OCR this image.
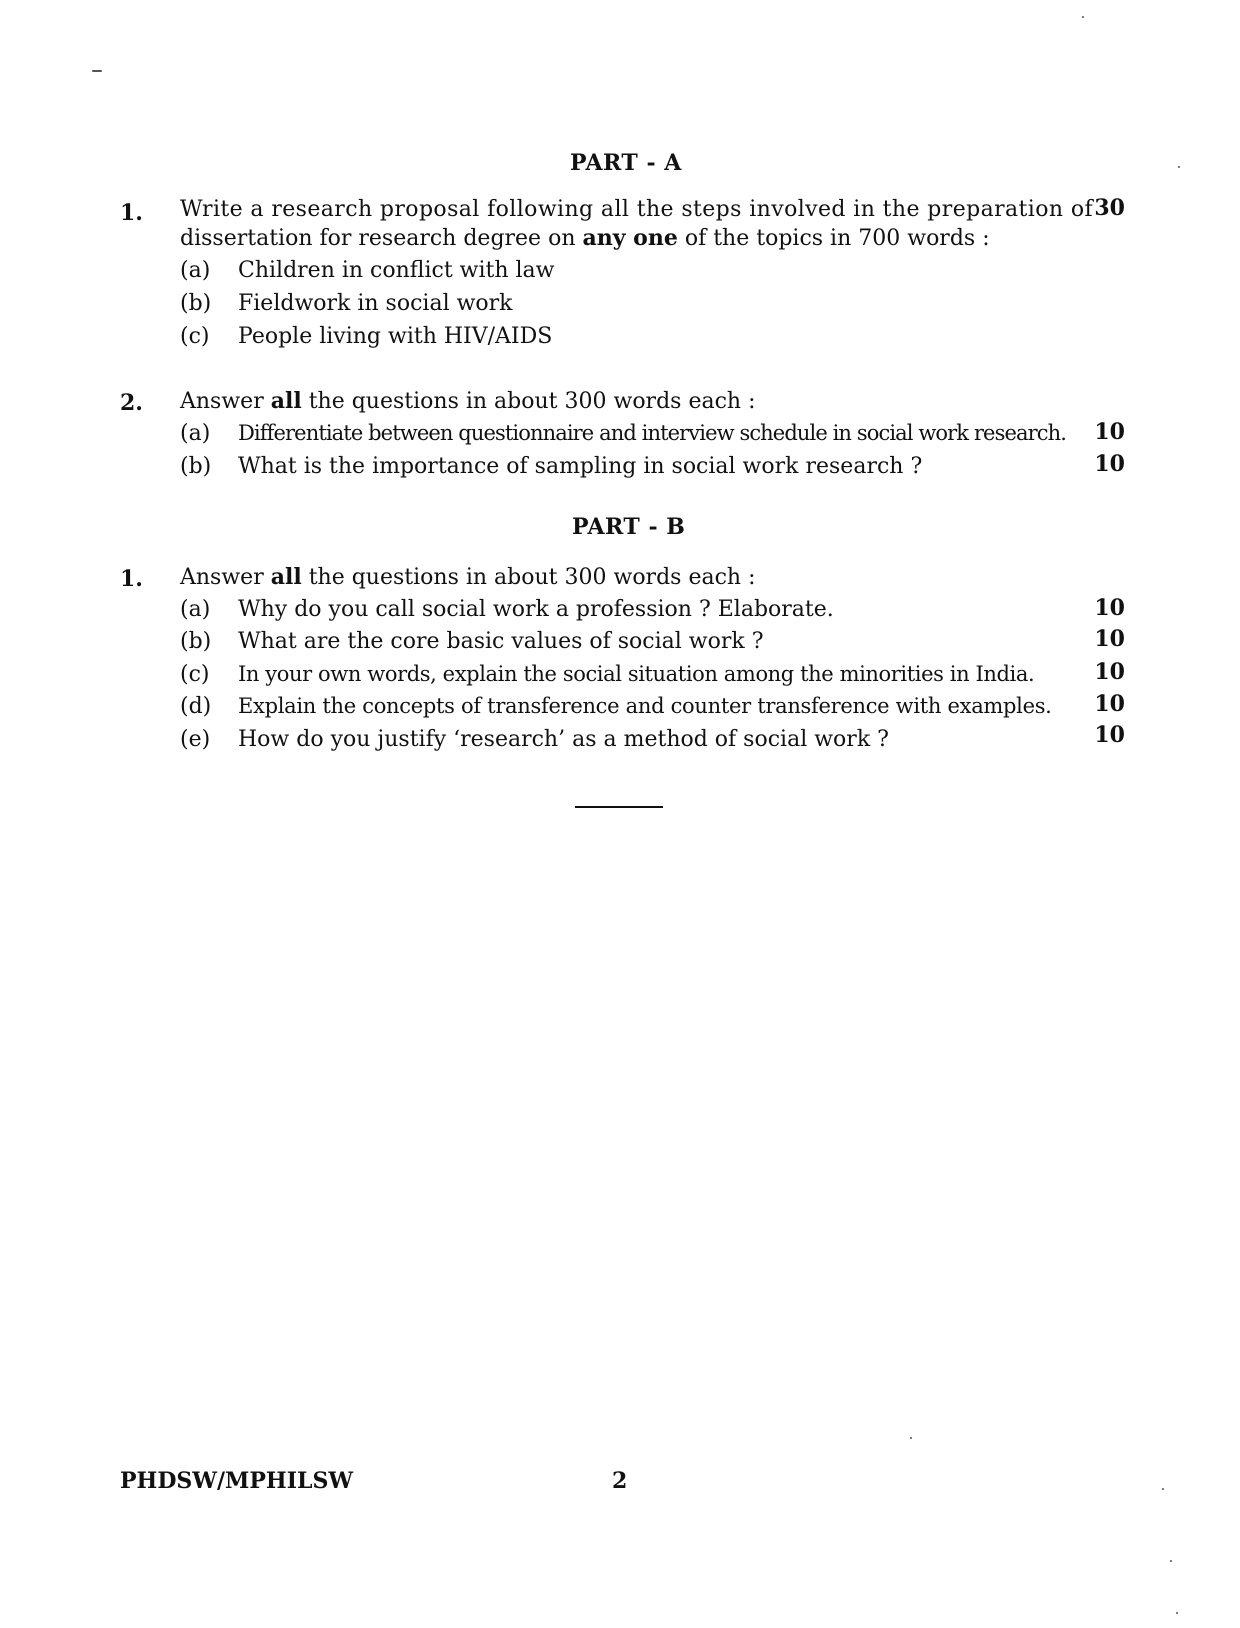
PART - A
1. Write a research proposal following all the steps involved in the preparation of 30
dissertation for research degree on any one of the topics in 700 words :
(a) Children in conflict with law
(b) Fieldwork in social work
(c) People living with HIV/AIDS
2. Answer all the questions in about 300 words each :
(a) Differentiate between questionnaire and interview schedule in social work research.	10
(b) What is the importance of sampling in social work research ?	10
PART - B
1. Answer all the questions in about 300 words each :
(a) Why do you call social work a profession ? Elaborate.	10
(b) What are the core basic values of social work ?	10
(c) In your own words, explain the social situation among the minorities in India.	10
(d) Explain the concepts of transference and counter transference with examples.	10
(e) How do you justify ‘research’ as a method of social work ?	10
PHDSW/MPHILSW	2
